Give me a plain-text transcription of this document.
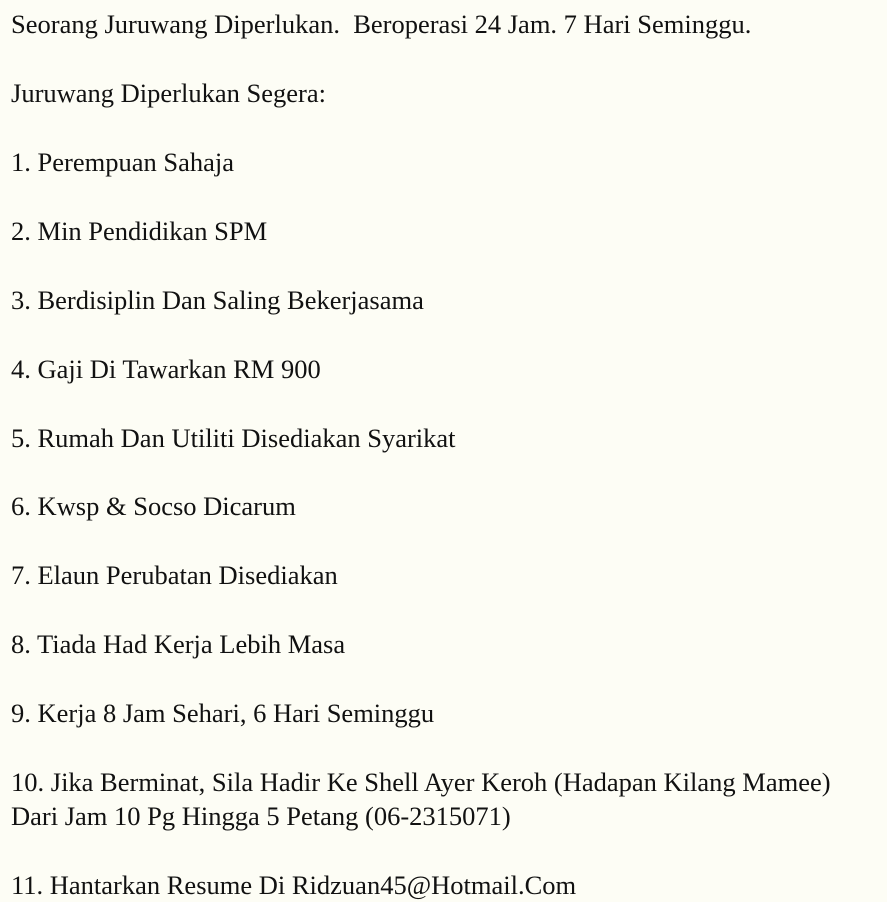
Seorang Juruwang Diperlukan.  Beroperasi 24 Jam. 7 Hari Seminggu.

Juruwang Diperlukan Segera:

1. Perempuan Sahaja

2. Min Pendidikan SPM

3. Berdisiplin Dan Saling Bekerjasama

4. Gaji Di Tawarkan RM 900

5. Rumah Dan Utiliti Disediakan Syarikat

6. Kwsp & Socso Dicarum

7. Elaun Perubatan Disediakan

8. Tiada Had Kerja Lebih Masa

9. Kerja 8 Jam Sehari, 6 Hari Seminggu

10. Jika Berminat, Sila Hadir Ke Shell Ayer Keroh (Hadapan Kilang Mamee) Dari Jam 10 Pg Hingga 5 Petang (06-2315071)

11. Hantarkan Resume Di Ridzuan45@Hotmail.Com
